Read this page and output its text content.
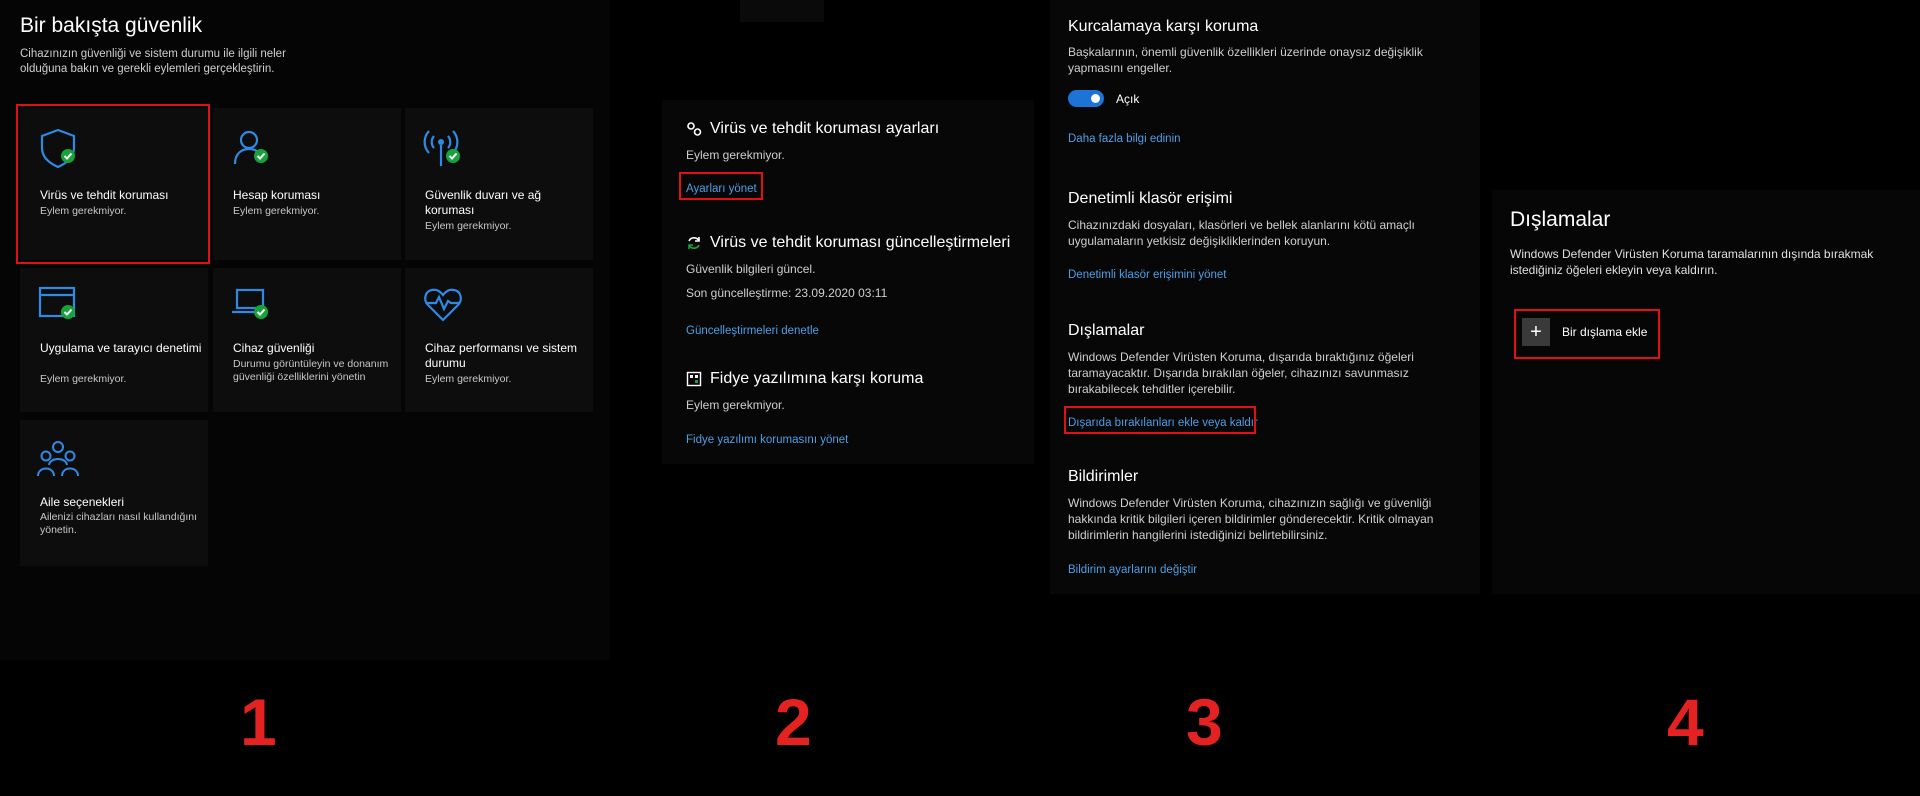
Bir bakışta güvenlik
Cihazınızın güvenliği ve sistem durumu ile ilgili neler olduğuna bakın ve gerekli eylemleri gerçekleştirin.
Virüs ve tehdit koruması
Eylem gerekmiyor.
Hesap koruması
Eylem gerekmiyor.
Güvenlik duvarı ve ağ koruması
Eylem gerekmiyor.
Uygulama ve tarayıcı denetimi
Eylem gerekmiyor.
Cihaz güvenliği
Durumu görüntüleyin ve donanım güvenliği özelliklerini yönetin
Cihaz performansı ve sistem durumu
Eylem gerekmiyor.
Aile seçenekleri
Ailenizi cihazları nasıl kullandığını yönetin.
Virüs ve tehdit koruması ayarları
Eylem gerekmiyor.
Ayarları yönet
Virüs ve tehdit koruması güncelleştirmeleri
Güvenlik bilgileri güncel.
Son güncelleştirme: 23.09.2020 03:11
Güncelleştirmeleri denetle
Fidye yazılımına karşı koruma
Eylem gerekmiyor.
Fidye yazılımı korumasını yönet
Kurcalamaya karşı koruma
Başkalarının, önemli güvenlik özellikleri üzerinde onaysız değişiklik yapmasını engeller.
Açık
Daha fazla bilgi edinin
Denetimli klasör erişimi
Cihazınızdaki dosyaları, klasörleri ve bellek alanlarını kötü amaçlı uygulamaların yetkisiz değişikliklerinden koruyun.
Denetimli klasör erişimini yönet
Dışlamalar
Windows Defender Virüsten Koruma, dışarıda bıraktığınız öğeleri taramayacaktır. Dışarıda bırakılan öğeler, cihazınızı savunmasız bırakabilecek tehditler içerebilir.
Dışarıda bırakılanları ekle veya kaldır
Bildirimler
Windows Defender Virüsten Koruma, cihazınızın sağlığı ve güvenliği hakkında kritik bilgileri içeren bildirimler gönderecektir. Kritik olmayan bildirimlerin hangilerini istediğinizi belirtebilirsiniz.
Bildirim ayarlarını değiştir
Dışlamalar
Windows Defender Virüsten Koruma taramalarının dışında bırakmak istediğiniz öğeleri ekleyin veya kaldırın.
+	Bir dışlama ekle
1	2	3	4
